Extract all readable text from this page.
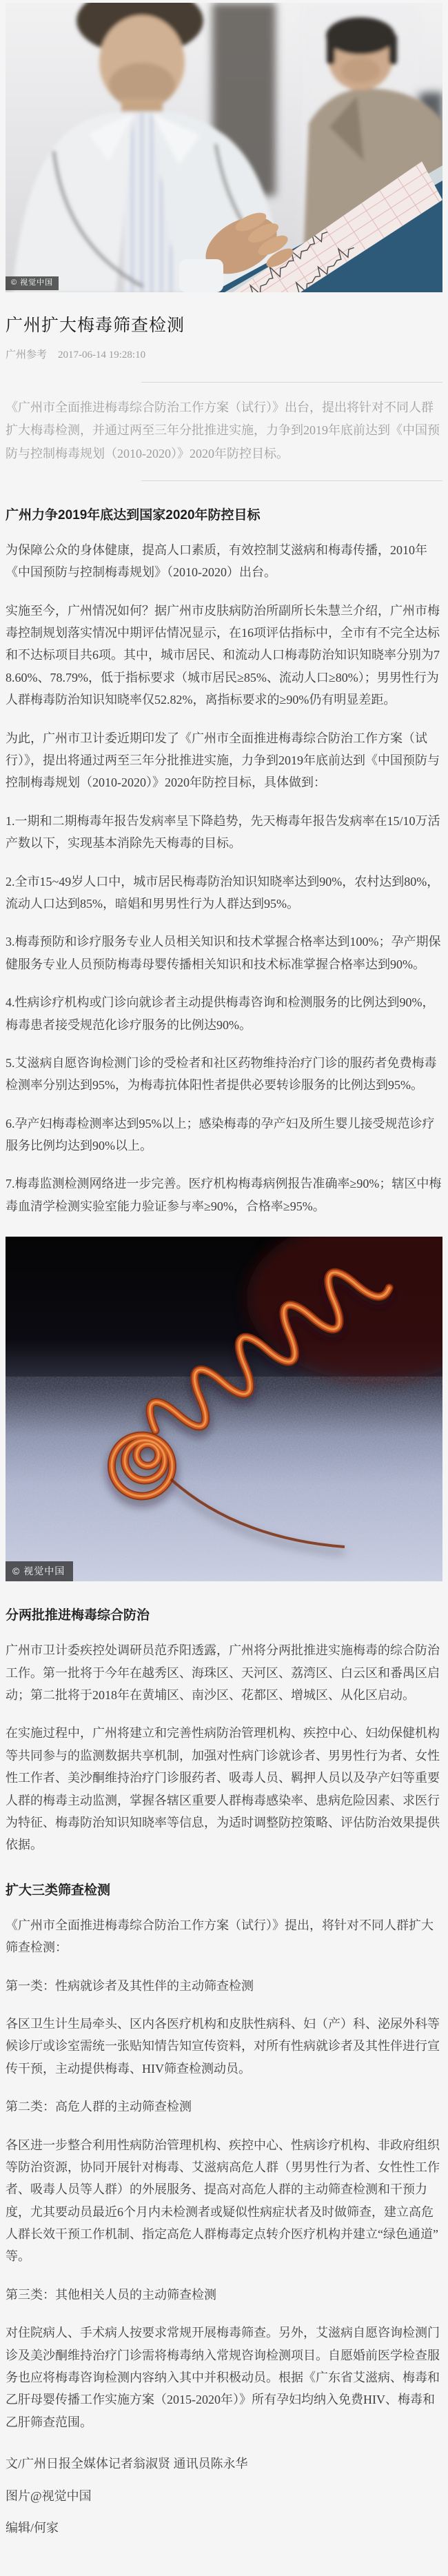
© 视觉中国
广州扩大梅毒筛查检测
广州参考 2017-06-14 19:28:10

《广州市全面推进梅毒综合防治工作方案（试行）》出台，提出将针对不同人群扩大梅毒检测，并通过两至三年分批推进实施，力争到2019年底前达到《中国预防与控制梅毒规划（2010-2020）》2020年防控目标。

广州力争2019年底达到国家2020年防控目标

为保障公众的身体健康，提高人口素质，有效控制艾滋病和梅毒传播，2010年《中国预防与控制梅毒规划》（2010-2020）出台。

实施至今，广州情况如何？据广州市皮肤病防治所副所长朱慧兰介绍，广州市梅毒控制规划落实情况中期评估情况显示，在16项评估指标中，全市有不完全达标和不达标项目共6项。其中，城市居民、和流动人口梅毒防治知识知晓率分别为78.60%、78.79%，低于指标要求（城市居民≥85%、流动人口≥80%）；男男性行为人群梅毒防治知识知晓率仅52.82%，离指标要求的≥90%仍有明显差距。

为此，广州市卫计委近期印发了《广州市全面推进梅毒综合防治工作方案（试行）》，提出将通过两至三年分批推进实施，力争到2019年底前达到《中国预防与控制梅毒规划（2010-2020）》2020年防控目标，具体做到：

1.一期和二期梅毒年报告发病率呈下降趋势，先天梅毒年报告发病率在15/10万活产数以下，实现基本消除先天梅毒的目标。

2.全市15~49岁人口中，城市居民梅毒防治知识知晓率达到90%，农村达到80%，流动人口达到85%，暗娼和男男性行为人群达到95%。

3.梅毒预防和诊疗服务专业人员相关知识和技术掌握合格率达到100%；孕产期保健服务专业人员预防梅毒母婴传播相关知识和技术标准掌握合格率达到90%。

4.性病诊疗机构或门诊向就诊者主动提供梅毒咨询和检测服务的比例达到90%，梅毒患者接受规范化诊疗服务的比例达90%。

5.艾滋病自愿咨询检测门诊的受检者和社区药物维持治疗门诊的服药者免费梅毒检测率分别达到95%，为梅毒抗体阳性者提供必要转诊服务的比例达到95%。

6.孕产妇梅毒检测率达到95%以上；感染梅毒的孕产妇及所生婴儿接受规范诊疗服务比例均达到90%以上。

7.梅毒监测检测网络进一步完善。医疗机构梅毒病例报告准确率≥90%；辖区中梅毒血清学检测实验室能力验证参与率≥90%，合格率≥95%。

© 视觉中国
分两批推进梅毒综合防治

广州市卫计委疾控处调研员范乔阳透露，广州将分两批推进实施梅毒的综合防治工作。第一批将于今年在越秀区、海珠区、天河区、荔湾区、白云区和番禺区启动；第二批将于2018年在黄埔区、南沙区、花都区、增城区、从化区启动。

在实施过程中，广州将建立和完善性病防治管理机构、疾控中心、妇幼保健机构等共同参与的监测数据共享机制，加强对性病门诊就诊者、男男性行为者、女性性工作者、美沙酮维持治疗门诊服药者、吸毒人员、羁押人员以及孕产妇等重要人群的梅毒主动监测，掌握各辖区重要人群梅毒感染率、患病危险因素、求医行为特征、梅毒防治知识知晓率等信息，为适时调整防控策略、评估防治效果提供依据。

扩大三类筛查检测

《广州市全面推进梅毒综合防治工作方案（试行）》提出，将针对不同人群扩大筛查检测：

第一类：性病就诊者及其性伴的主动筛查检测

各区卫生计生局牵头、区内各医疗机构和皮肤性病科、妇（产）科、泌尿外科等候诊厅或诊室需统一张贴知情告知宣传资料，对所有性病就诊者及其性伴进行宣传干预，主动提供梅毒、HIV筛查检测动员。

第二类：高危人群的主动筛查检测

各区进一步整合利用性病防治管理机构、疾控中心、性病诊疗机构、非政府组织等防治资源，协同开展针对梅毒、艾滋病高危人群（男男性行为者、女性性工作者、吸毒人员等人群）的外展服务、提高对高危人群的主动筛查检测和干预力度，尤其要动员最近6个月内未检测者或疑似性病症状者及时做筛查，建立高危人群长效干预工作机制、指定高危人群梅毒定点转介医疗机构并建立“绿色通道”等。

第三类：其他相关人员的主动筛查检测

对住院病人、手术病人按要求常规开展梅毒筛查。另外，艾滋病自愿咨询检测门诊及美沙酮维持治疗门诊需将梅毒纳入常规咨询检测项目。自愿婚前医学检查服务也应将梅毒咨询检测内容纳入其中并积极动员。根据《广东省艾滋病、梅毒和乙肝母婴传播工作实施方案（2015-2020年）》所有孕妇均纳入免费HIV、梅毒和乙肝筛查范围。

文/广州日报全媒体记者翁淑贤 通讯员陈永华

图片@视觉中国

编辑/何家
